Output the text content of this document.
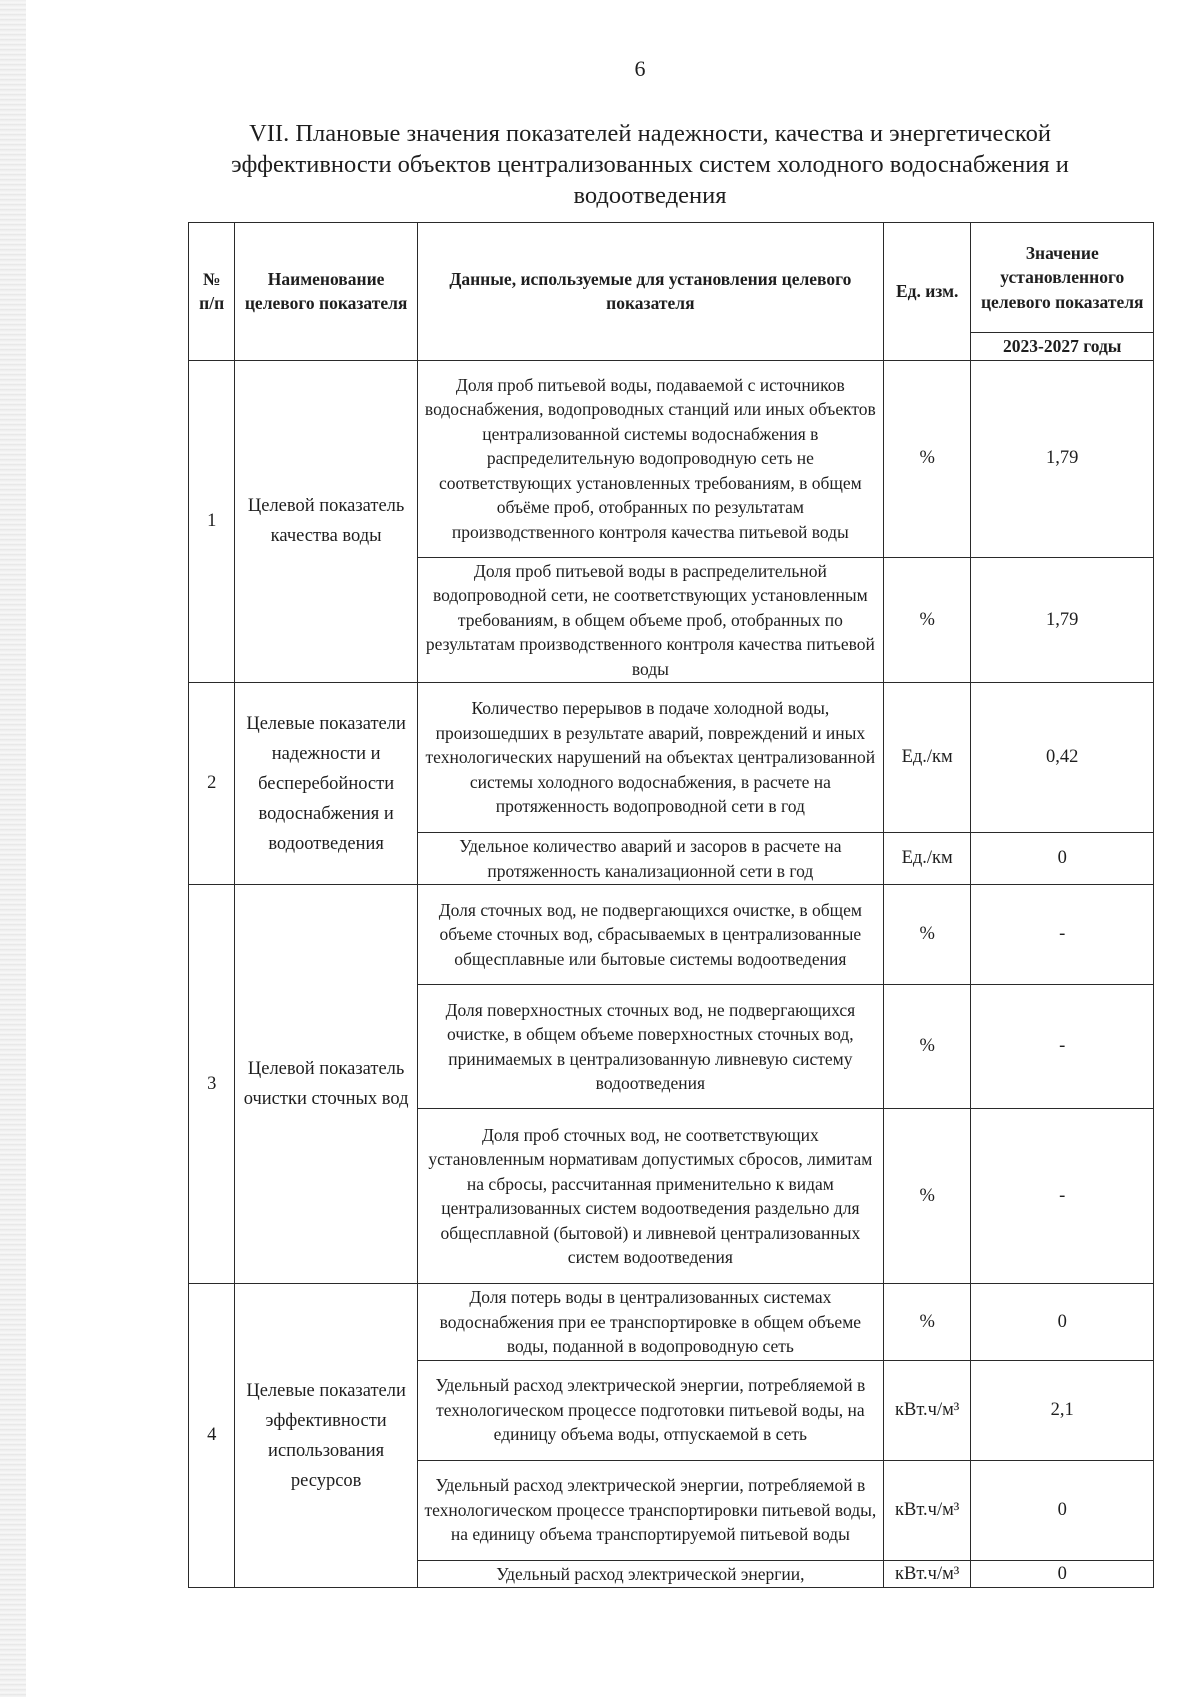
6
VII. Плановые значения показателей надежности, качества и энергетической
эффективности объектов централизованных систем холодного водоснабжения и
водоотведения
№ п/п	Наименование целевого показателя	Данные, используемые для установления целевого показателя	Ед. изм.	Значение установленного целевого показателя
				2023-2027 годы
1	Целевой показатель качества воды	Доля проб питьевой воды, подаваемой с источников водоснабжения, водопроводных станций или иных объектов централизованной системы водоснабжения в распределительную водопроводную сеть не соответствующих установленных требованиям, в общем объёме проб, отобранных по результатам производственного контроля качества питьевой воды	%	1,79
		Доля проб питьевой воды в распределительной водопроводной сети, не соответствующих установленным требованиям, в общем объеме проб, отобранных по результатам производственного контроля качества питьевой воды	%	1,79
2	Целевые показатели надежности и бесперебойности водоснабжения и водоотведения	Количество перерывов в подаче холодной воды, произошедших в результате аварий, повреждений и иных технологических нарушений на объектах централизованной системы холодного водоснабжения, в расчете на протяженность водопроводной сети в год	Ед./км	0,42
		Удельное количество аварий и засоров в расчете на протяженность канализационной сети в год	Ед./км	0
3	Целевой показатель очистки сточных вод	Доля сточных вод, не подвергающихся очистке, в общем объеме сточных вод, сбрасываемых в централизованные общесплавные или бытовые системы водоотведения	%	-
		Доля поверхностных сточных вод, не подвергающихся очистке, в общем объеме поверхностных сточных вод, принимаемых в централизованную ливневую систему водоотведения	%	-
		Доля проб сточных вод, не соответствующих установленным нормативам допустимых сбросов, лимитам на сбросы, рассчитанная применительно к видам централизованных систем водоотведения раздельно для общесплавной (бытовой) и ливневой централизованных систем водоотведения	%	-
4	Целевые показатели эффективности использования ресурсов	Доля потерь воды в централизованных системах водоснабжения при ее транспортировке в общем объеме воды, поданной в водопроводную сеть	%	0
		Удельный расход электрической энергии, потребляемой в технологическом процессе подготовки питьевой воды, на единицу объема воды, отпускаемой в сеть	кВт.ч/м³	2,1
		Удельный расход электрической энергии, потребляемой в технологическом процессе транспортировки питьевой воды, на единицу объема транспортируемой питьевой воды	кВт.ч/м³	0
		Удельный расход электрической энергии,	кВт.ч/м³	0
